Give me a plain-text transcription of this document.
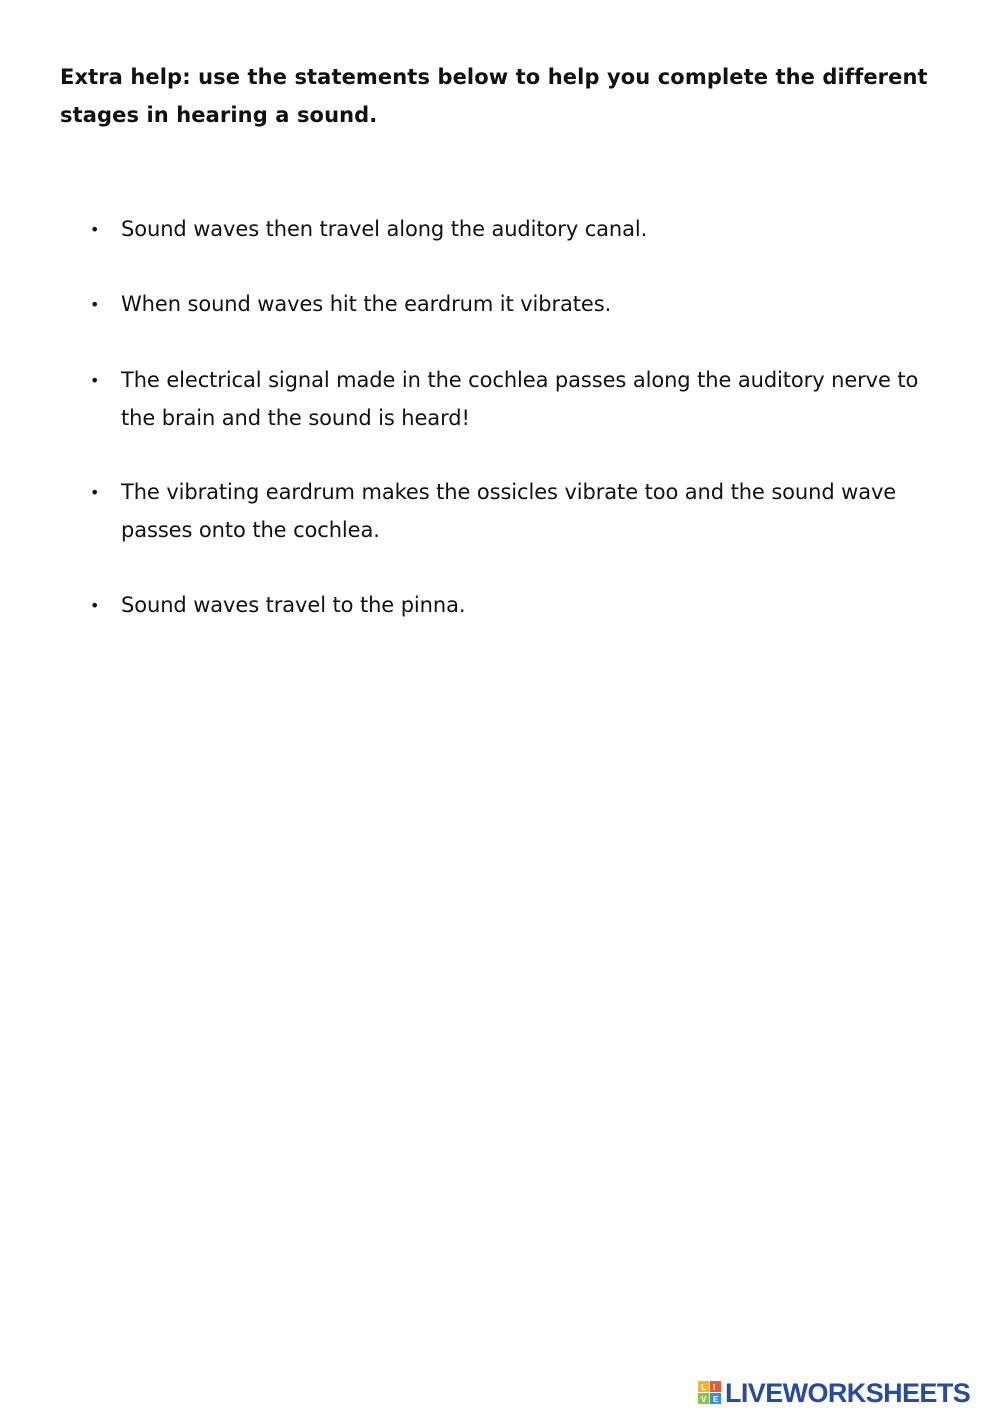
Extra help: use the statements below to help you complete the different stages in hearing a sound.

• Sound waves then travel along the auditory canal.
• When sound waves hit the eardrum it vibrates.
• The electrical signal made in the cochlea passes along the auditory nerve to the brain and the sound is heard!
• The vibrating eardrum makes the ossicles vibrate too and the sound wave passes onto the cochlea.
• Sound waves travel to the pinna.
L I
V E LIVEWORKSHEETS
